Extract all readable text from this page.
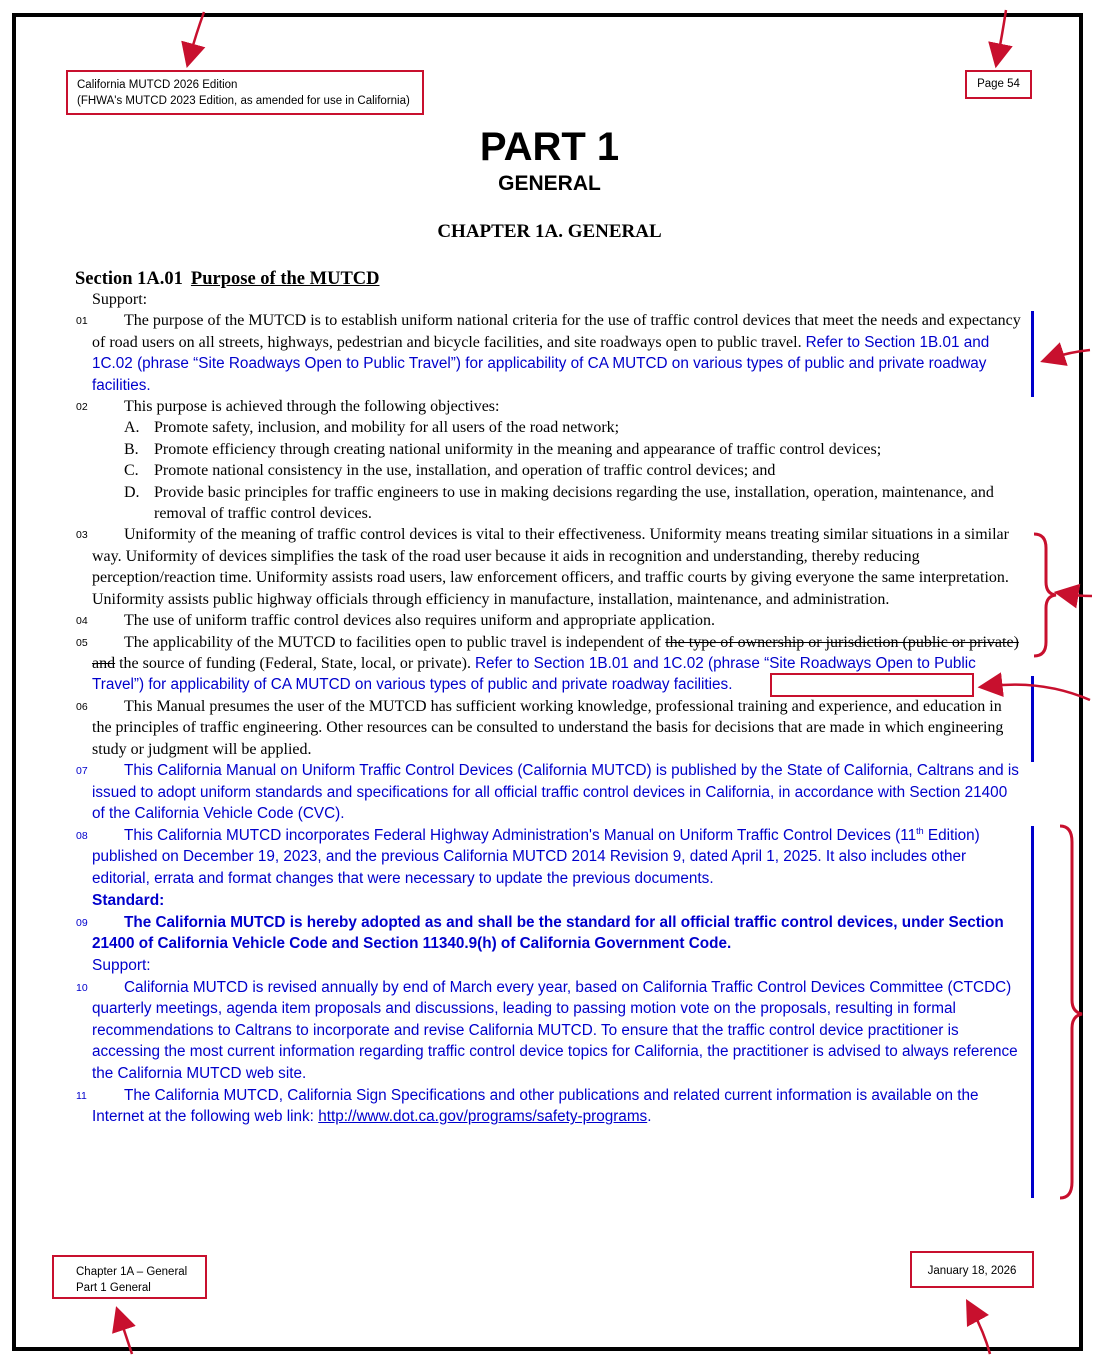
California MUTCD 2026 Edition
(FHWA's MUTCD 2023 Edition, as amended for use in California)
Page 54
PART 1
GENERAL
CHAPTER 1A. GENERAL
Section 1A.01 Purpose of the MUTCD
Support:
01	The purpose of the MUTCD is to establish uniform national criteria for the use of traffic control devices that meet the needs and expectancy of road users on all streets, highways, pedestrian and bicycle facilities, and site roadways open to public travel. Refer to Section 1B.01 and 1C.02 (phrase “Site Roadways Open to Public Travel”) for applicability of CA MUTCD on various types of public and private roadway facilities.
02	This purpose is achieved through the following objectives:
A. Promote safety, inclusion, and mobility for all users of the road network;
B. Promote efficiency through creating national uniformity in the meaning and appearance of traffic control devices;
C. Promote national consistency in the use, installation, and operation of traffic control devices; and
D. Provide basic principles for traffic engineers to use in making decisions regarding the use, installation, operation, maintenance, and removal of traffic control devices.
03	Uniformity of the meaning of traffic control devices is vital to their effectiveness. Uniformity means treating similar situations in a similar way. Uniformity of devices simplifies the task of the road user because it aids in recognition and understanding, thereby reducing perception/reaction time. Uniformity assists road users, law enforcement officers, and traffic courts by giving everyone the same interpretation. Uniformity assists public highway officials through efficiency in manufacture, installation, maintenance, and administration.
04	The use of uniform traffic control devices also requires uniform and appropriate application.
05	The applicability of the MUTCD to facilities open to public travel is independent of the type of ownership or jurisdiction (public or private) and the source of funding (Federal, State, local, or private). Refer to Section 1B.01 and 1C.02 (phrase “Site Roadways Open to Public Travel”) for applicability of CA MUTCD on various types of public and private roadway facilities.
06	This Manual presumes the user of the MUTCD has sufficient working knowledge, professional training and experience, and education in the principles of traffic engineering. Other resources can be consulted to understand the basis for decisions that are made in which engineering study or judgment will be applied.
07	This California Manual on Uniform Traffic Control Devices (California MUTCD) is published by the State of California, Caltrans and is issued to adopt uniform standards and specifications for all official traffic control devices in California, in accordance with Section 21400 of the California Vehicle Code (CVC).
08	This California MUTCD incorporates Federal Highway Administration's Manual on Uniform Traffic Control Devices (11th Edition) published on December 19, 2023, and the previous California MUTCD 2014 Revision 9, dated April 1, 2025. It also includes other editorial, errata and format changes that were necessary to update the previous documents.
Standard:
09	The California MUTCD is hereby adopted as and shall be the standard for all official traffic control devices, under Section 21400 of California Vehicle Code and Section 11340.9(h) of California Government Code.
Support:
10	California MUTCD is revised annually by end of March every year, based on California Traffic Control Devices Committee (CTCDC) quarterly meetings, agenda item proposals and discussions, leading to passing motion vote on the proposals, resulting in formal recommendations to Caltrans to incorporate and revise California MUTCD. To ensure that the traffic control device practitioner is accessing the most current information regarding traffic control device topics for California, the practitioner is advised to always reference the California MUTCD web site.
11	The California MUTCD, California Sign Specifications and other publications and related current information is available on the Internet at the following web link: http://www.dot.ca.gov/programs/safety-programs.
Chapter 1A – General
Part 1 General
January 18, 2026
